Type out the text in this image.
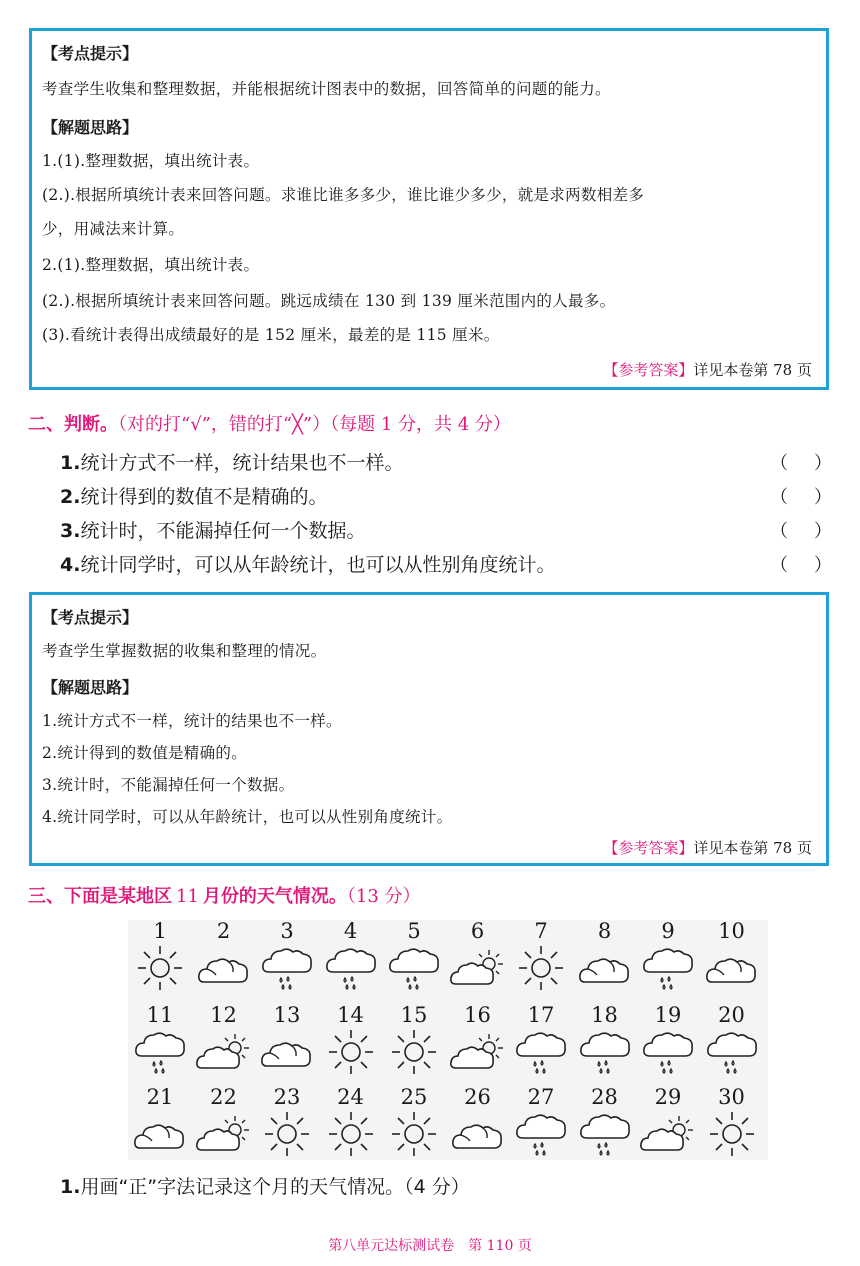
【考点提示】
考查学生收集和整理数据，并能根据统计图表中的数据，回答简单的问题的能力。
【解题思路】
1.(1).整理数据，填出统计表。
(2.).根据所填统计表来回答问题。求谁比谁多多少，谁比谁少多少，就是求两数相差多
少，用减法来计算。
2.(1).整理数据，填出统计表。
(2.).根据所填统计表来回答问题。跳远成绩在 130 到 139 厘米范围内的人最多。
(3).看统计表得出成绩最好的是 152 厘米，最差的是 115 厘米。
【参考答案】详见本卷第 78 页
二、判断。（对的打“√”，错的打“╳”）（每题 1 分，共 4 分）
1.统计方式不一样，统计结果也不一样。	（ ）
2.统计得到的数值不是精确的。	（ ）
3.统计时，不能漏掉任何一个数据。	（ ）
4.统计同学时，可以从年龄统计，也可以从性别角度统计。	（ ）
【考点提示】
考查学生掌握数据的收集和整理的情况。
【解题思路】
1.统计方式不一样，统计的结果也不一样。
2.统计得到的数值是精确的。
3.统计时，不能漏掉任何一个数据。
4.统计同学时，可以从年龄统计，也可以从性别角度统计。
【参考答案】详见本卷第 78 页
三、下面是某地区 11 月份的天气情况。（13 分）
1	2	3	4	5	6	7	8	9	10
11	12	13	14	15	16	17	18	19	20
21	22	23	24	25	26	27	28	29	30
1.用画“正”字法记录这个月的天气情况。（4 分）
第八单元达标测试卷　第 110 页
